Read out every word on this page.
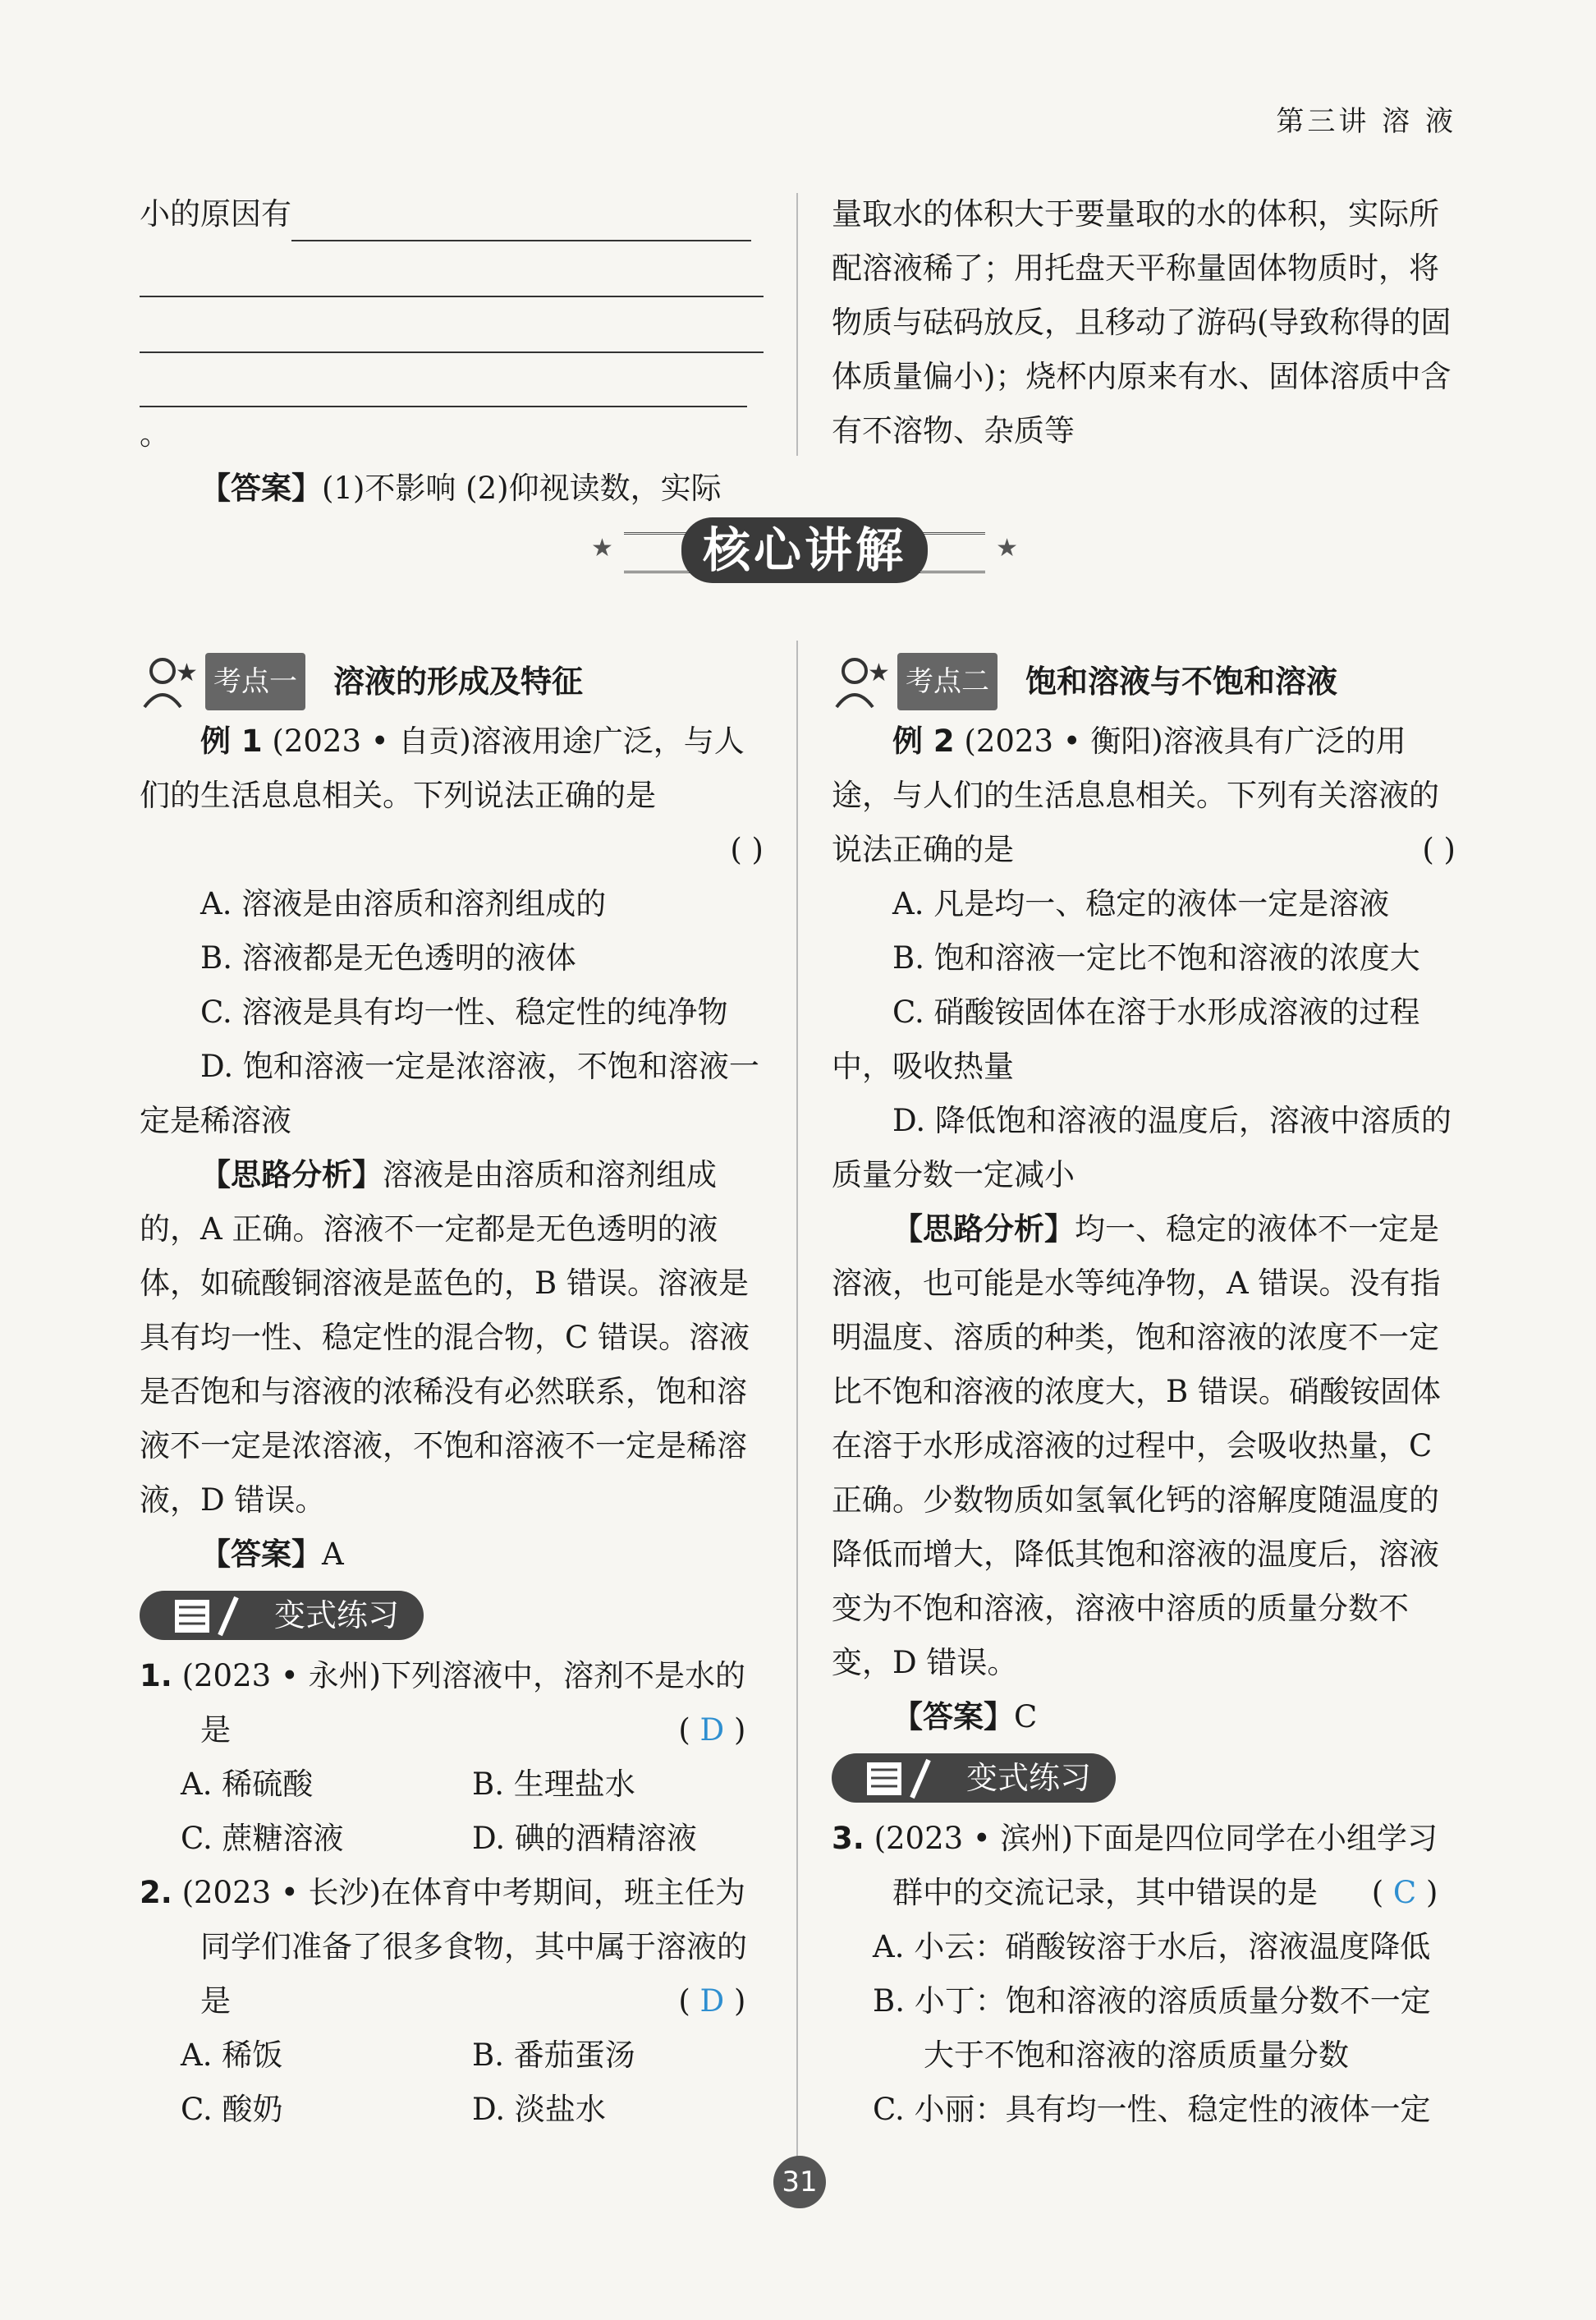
第三讲 溶 液

小的原因有

。

【答案】(1)不影响 (2)仰视读数，实际

量取水的体积大于要量取的水的体积，实际所配溶液稀了；用托盘天平称量固体物质时，将物质与砝码放反，且移动了游码(导致称得的固体质量偏小)；烧杯内原来有水、固体溶质中含有不溶物、杂质等

★	★
核心讲解
★ 考点一 溶液的形成及特征

例 1 (2023 • 自贡)溶液用途广泛，与人们的生活息息相关。下列说法正确的是

( )

A. 溶液是由溶质和溶剂组成的

B. 溶液都是无色透明的液体

C. 溶液是具有均一性、稳定性的纯净物

D. 饱和溶液一定是浓溶液，不饱和溶液一定是稀溶液

【思路分析】溶液是由溶质和溶剂组成的，A 正确。溶液不一定都是无色透明的液体，如硫酸铜溶液是蓝色的，B 错误。溶液是具有均一性、稳定性的混合物，C 错误。溶液是否饱和与溶液的浓稀没有必然联系，饱和溶液不一定是浓溶液，不饱和溶液不一定是稀溶液，D 错误。

【答案】A

变式练习

1. (2023 • 永州)下列溶液中，溶剂不是水的是	( D )

A. 稀硫酸	B. 生理盐水
C. 蔗糖溶液	D. 碘的酒精溶液

2. (2023 • 长沙)在体育中考期间，班主任为同学们准备了很多食物，其中属于溶液的是	( D )

A. 稀饭	B. 番茄蛋汤
C. 酸奶	D. 淡盐水
★ 考点二 饱和溶液与不饱和溶液

例 2 (2023 • 衡阳)溶液具有广泛的用途，与人们的生活息息相关。下列有关溶液的说法正确的是	( )

A. 凡是均一、稳定的液体一定是溶液

B. 饱和溶液一定比不饱和溶液的浓度大

C. 硝酸铵固体在溶于水形成溶液的过程中，吸收热量

D. 降低饱和溶液的温度后，溶液中溶质的质量分数一定减小

【思路分析】均一、稳定的液体不一定是溶液，也可能是水等纯净物，A 错误。没有指明温度、溶质的种类，饱和溶液的浓度不一定比不饱和溶液的浓度大，B 错误。硝酸铵固体在溶于水形成溶液的过程中，会吸收热量，C 正确。少数物质如氢氧化钙的溶解度随温度的降低而增大，降低其饱和溶液的温度后，溶液变为不饱和溶液，溶液中溶质的质量分数不变，D 错误。

【答案】C

变式练习

3. (2023 • 滨州)下面是四位同学在小组学习群中的交流记录，其中错误的是 ( C )

A. 小云：硝酸铵溶于水后，溶液温度降低

B. 小丁：饱和溶液的溶质质量分数不一定大于不饱和溶液的溶质质量分数

C. 小丽：具有均一性、稳定性的液体一定

31
